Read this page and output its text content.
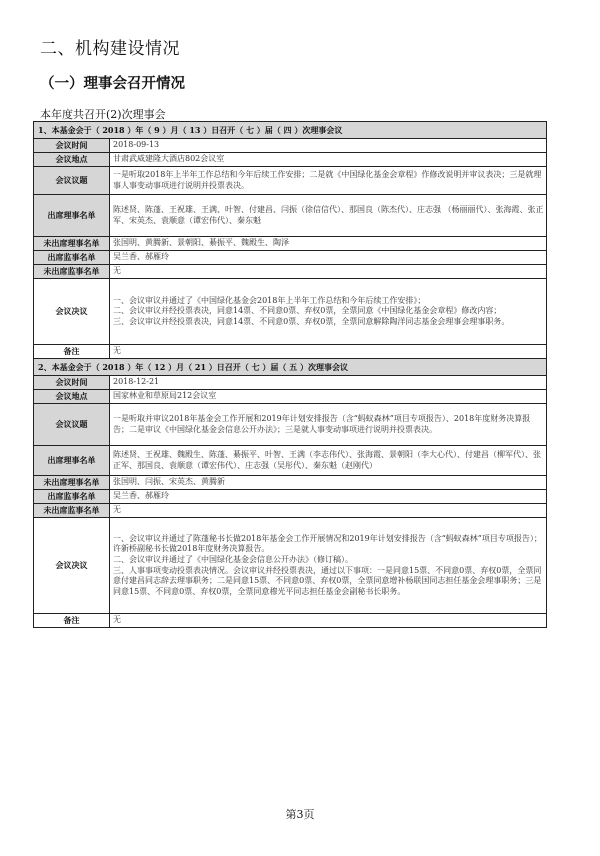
二、机构建设情况
（一）理事会召开情况
本年度共召开(2)次理事会
1、本基金会于（ 2018 ）年（ 9 ）月（ 13 ）日召开（ 七 ）届（ 四 ）次理事会议	
会议时间	2018-09-13
会议地点	甘肃武威建隆大酒店802会议室
会议议题	一是听取2018年上半年工作总结和今年后续工作安排；二是就《中国绿化基金会章程》作修改说明并审议表决；三是就理事人事变动事项进行说明并投票表决。
出席理事名单	陈述贤、陈蓬、王祝雄、王满、叶智、付建昌、闫振（徐信信代）、那国良（陈杰代）、庄志强 （杨丽丽代）、张海霞、张正军、宋英杰、袁顺意（谭宏伟代）、秦东魁
未出席理事名单	张国明、黄腾新、景朝阳、綦振平、魏殿生、陶泽
出席监事名单	吴兰香、郝雁玲
未出席监事名单	无
会议决议	一、会议审议并通过了《中国绿化基金会2018年上半年工作总结和今年后续工作安排》；
二、会议审议并经投票表决，同意14票、不同意0票、弃权0票，全票同意《中国绿化基金会章程》修改内容；
三、会议审议并经投票表决，同意14票、不同意0票、弃权0票，全票同意解除陶洋同志基金会理事会理事职务。

备注	无
2、本基金会于（ 2018 ）年（ 12 ）月（ 21 ）日召开（ 七 ）届（ 五 ）次理事会议	
会议时间	2018-12-21
会议地点	国家林业和草原局212会议室
会议议题	一是听取并审议2018年基金会工作开展和2019年计划安排报告（含“蚂蚁森林”项目专项报告）、2018年度财务决算报告；二是审议《中国绿化基金会信息公开办法》；三是就人事变动事项进行说明并投票表决。
出席理事名单	陈述贤、王祝雄、魏殿生、陈蓬、綦振平、叶智、王满（李志伟代）、张海霞、景朝阳（李大心代）、付建昌（柳军代）、张正军、那国良、袁顺意（谭宏伟代）、庄志强（吴彤代）、秦东魁（赵刚代）
未出席理事名单	张国明、闫振、宋英杰、黄腾新
出席监事名单	吴兰香、郝雁玲
未出席监事名单	无
会议决议	一、会议审议并通过了陈蓬秘书长做2018年基金会工作开展情况和2019年计划安排报告（含“蚂蚁森林”项目专项报告）；许新桥副秘书长做2018年度财务决算报告。
二、会议审议并通过了《中国绿化基金会信息公开办法》（修订稿）。
三、人事事项变动投票表决情况。会议审议并经投票表决，通过以下事项：一是同意15票、不同意0票、弃权0票，全票同意付建昌同志辞去理事职务；二是同意15票、不同意0票、弃权0票，全票同意增补杨联国同志担任基金会理事职务；三是同意15票、不同意0票、弃权0票，全票同意穆光平同志担任基金会副秘书长职务。

备注	无
第3页
